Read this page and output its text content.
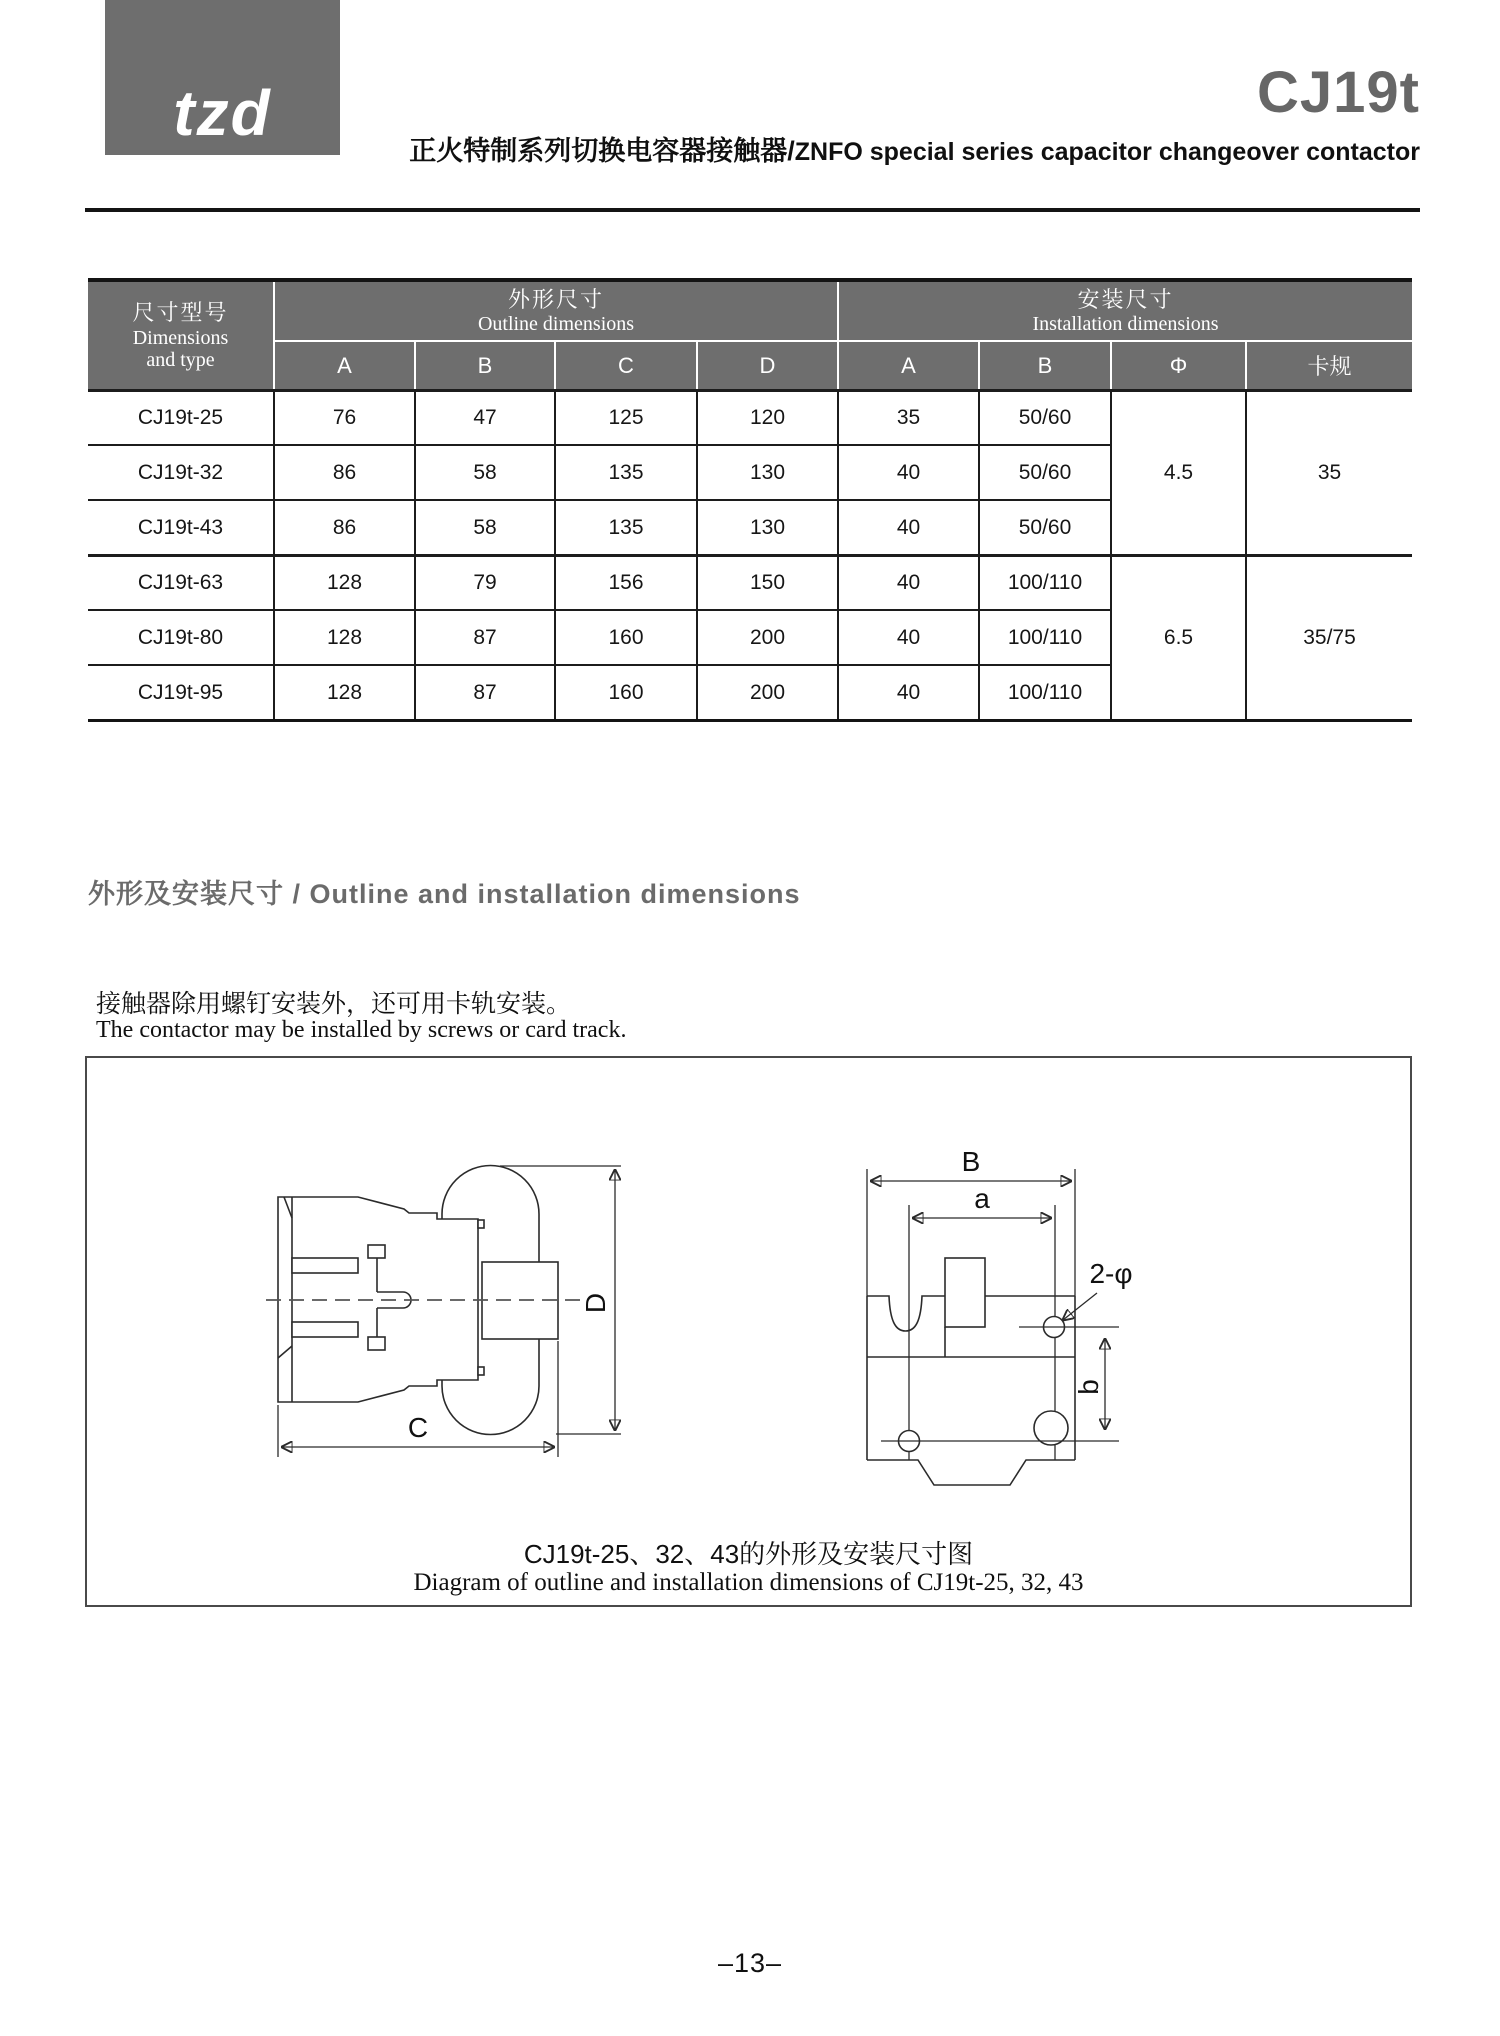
tzd	CJ19t
正火特制系列切换电容器接触器/ZNFO special series capacitor changeover contactor
尺寸型号
Dimensions
and type
外形尺寸
Outline dimensions
安装尺寸
Installation dimensions
A	B	C	D	A	B	Φ	卡规
CJ19t-25	76	47	125	120	35	50/60
4.5	35
CJ19t-32	86	58	135	130	40	50/60
CJ19t-43	86	58	135	130	40	50/60
CJ19t-63	128	79	156	150	40	100/110
6.5	35/75
CJ19t-80	128	87	160	200	40	100/110
CJ19t-95	128	87	160	200	40	100/110
外形及安装尺寸 / Outline and installation dimensions
接触器除用螺钉安装外，还可用卡轨安装。
The contactor may be installed by screws or card track.
D
C
B
a
2-φ
b
CJ19t-25、32、43的外形及安装尺寸图
Diagram of outline and installation dimensions of CJ19t-25, 32, 43
–13–
